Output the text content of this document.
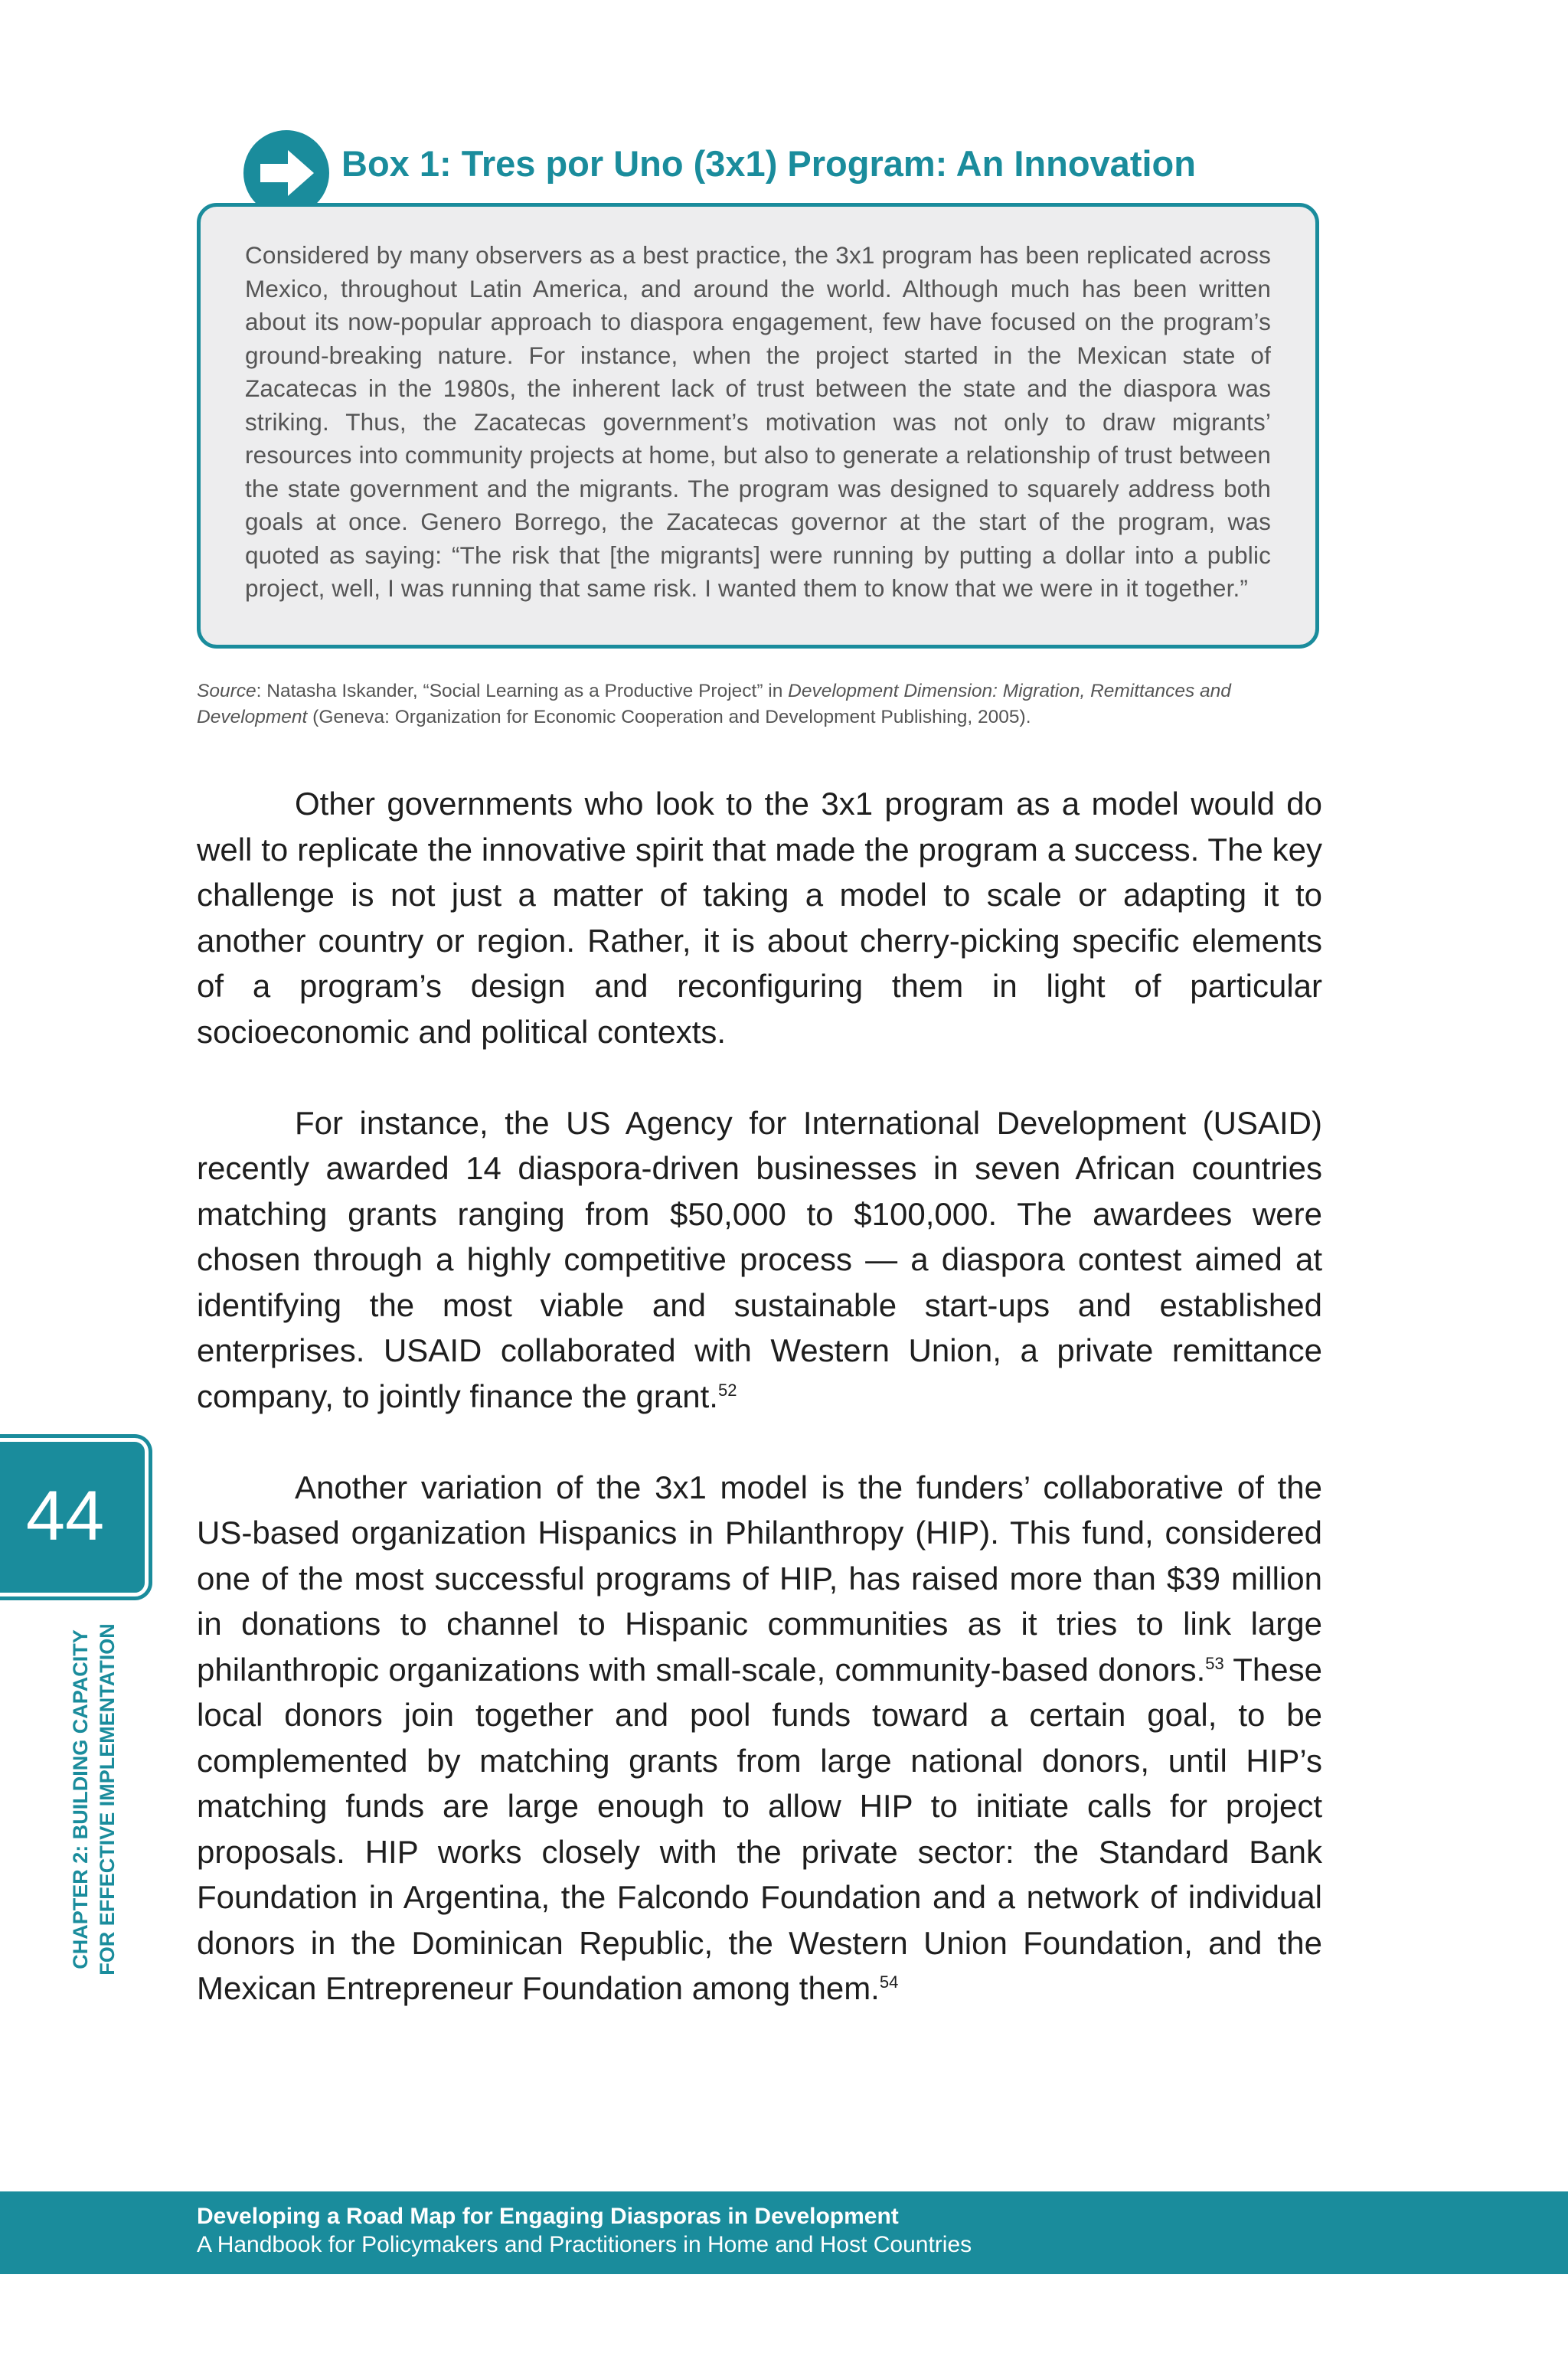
Box 1: Tres por Uno (3x1) Program: An Innovation

Considered by many observers as a best practice, the 3x1 program has been replicated across Mexico, throughout Latin America, and around the world. Although much has been written about its now-popular approach to diaspora engagement, few have focused on the program’s ground-breaking nature. For instance, when the project started in the Mexican state of Zacatecas in the 1980s, the inherent lack of trust between the state and the diaspora was striking. Thus, the Zacatecas government’s motivation was not only to draw migrants’ resources into community projects at home, but also to generate a relationship of trust between the state government and the migrants. The program was designed to squarely address both goals at once. Genero Borrego, the Zacatecas governor at the start of the program, was quoted as saying: “The risk that [the migrants] were running by putting a dollar into a public project, well, I was running that same risk. I wanted them to know that we were in it together.”

Source: Natasha Iskander, “Social Learning as a Productive Project” in Development Dimension: Migration, Remittances and Development (Geneva: Organization for Economic Cooperation and Development Publishing, 2005).

Other governments who look to the 3x1 program as a model would do well to replicate the innovative spirit that made the program a success. The key challenge is not just a matter of taking a model to scale or adapting it to another country or region. Rather, it is about cherry-picking specific elements of a program’s design and reconfiguring them in light of particular socioeconomic and political contexts.

For instance, the US Agency for International Development (USAID) recently awarded 14 diaspora-driven businesses in seven African countries matching grants ranging from $50,000 to $100,000. The awardees were chosen through a highly competitive process — a diaspora contest aimed at identifying the most viable and sustainable start-ups and established enterprises. USAID collaborated with Western Union, a private remittance company, to jointly finance the grant.$^{52}$

Another variation of the 3x1 model is the funders’ collaborative of the US-based organization Hispanics in Philanthropy (HIP). This fund, considered one of the most successful programs of HIP, has raised more than $39 million in donations to channel to Hispanic communities as it tries to link large philanthropic organizations with small-scale, community-based donors.$^{53}$ These local donors join together and pool funds toward a certain goal, to be complemented by matching grants from large national donors, until HIP’s matching funds are large enough to allow HIP to initiate calls for project proposals. HIP works closely with the private sector: the Standard Bank Foundation in Argentina, the Falcondo Foundation and a network of individual donors in the Dominican Republic, the Western Union Foundation, and the Mexican Entrepreneur Foundation among them.$^{54}$

44
CHAPTER 2: BUILDING CAPACITY FOR EFFECTIVE IMPLEMENTATION
Developing a Road Map for Engaging Diasporas in Development
A Handbook for Policymakers and Practitioners in Home and Host Countries
